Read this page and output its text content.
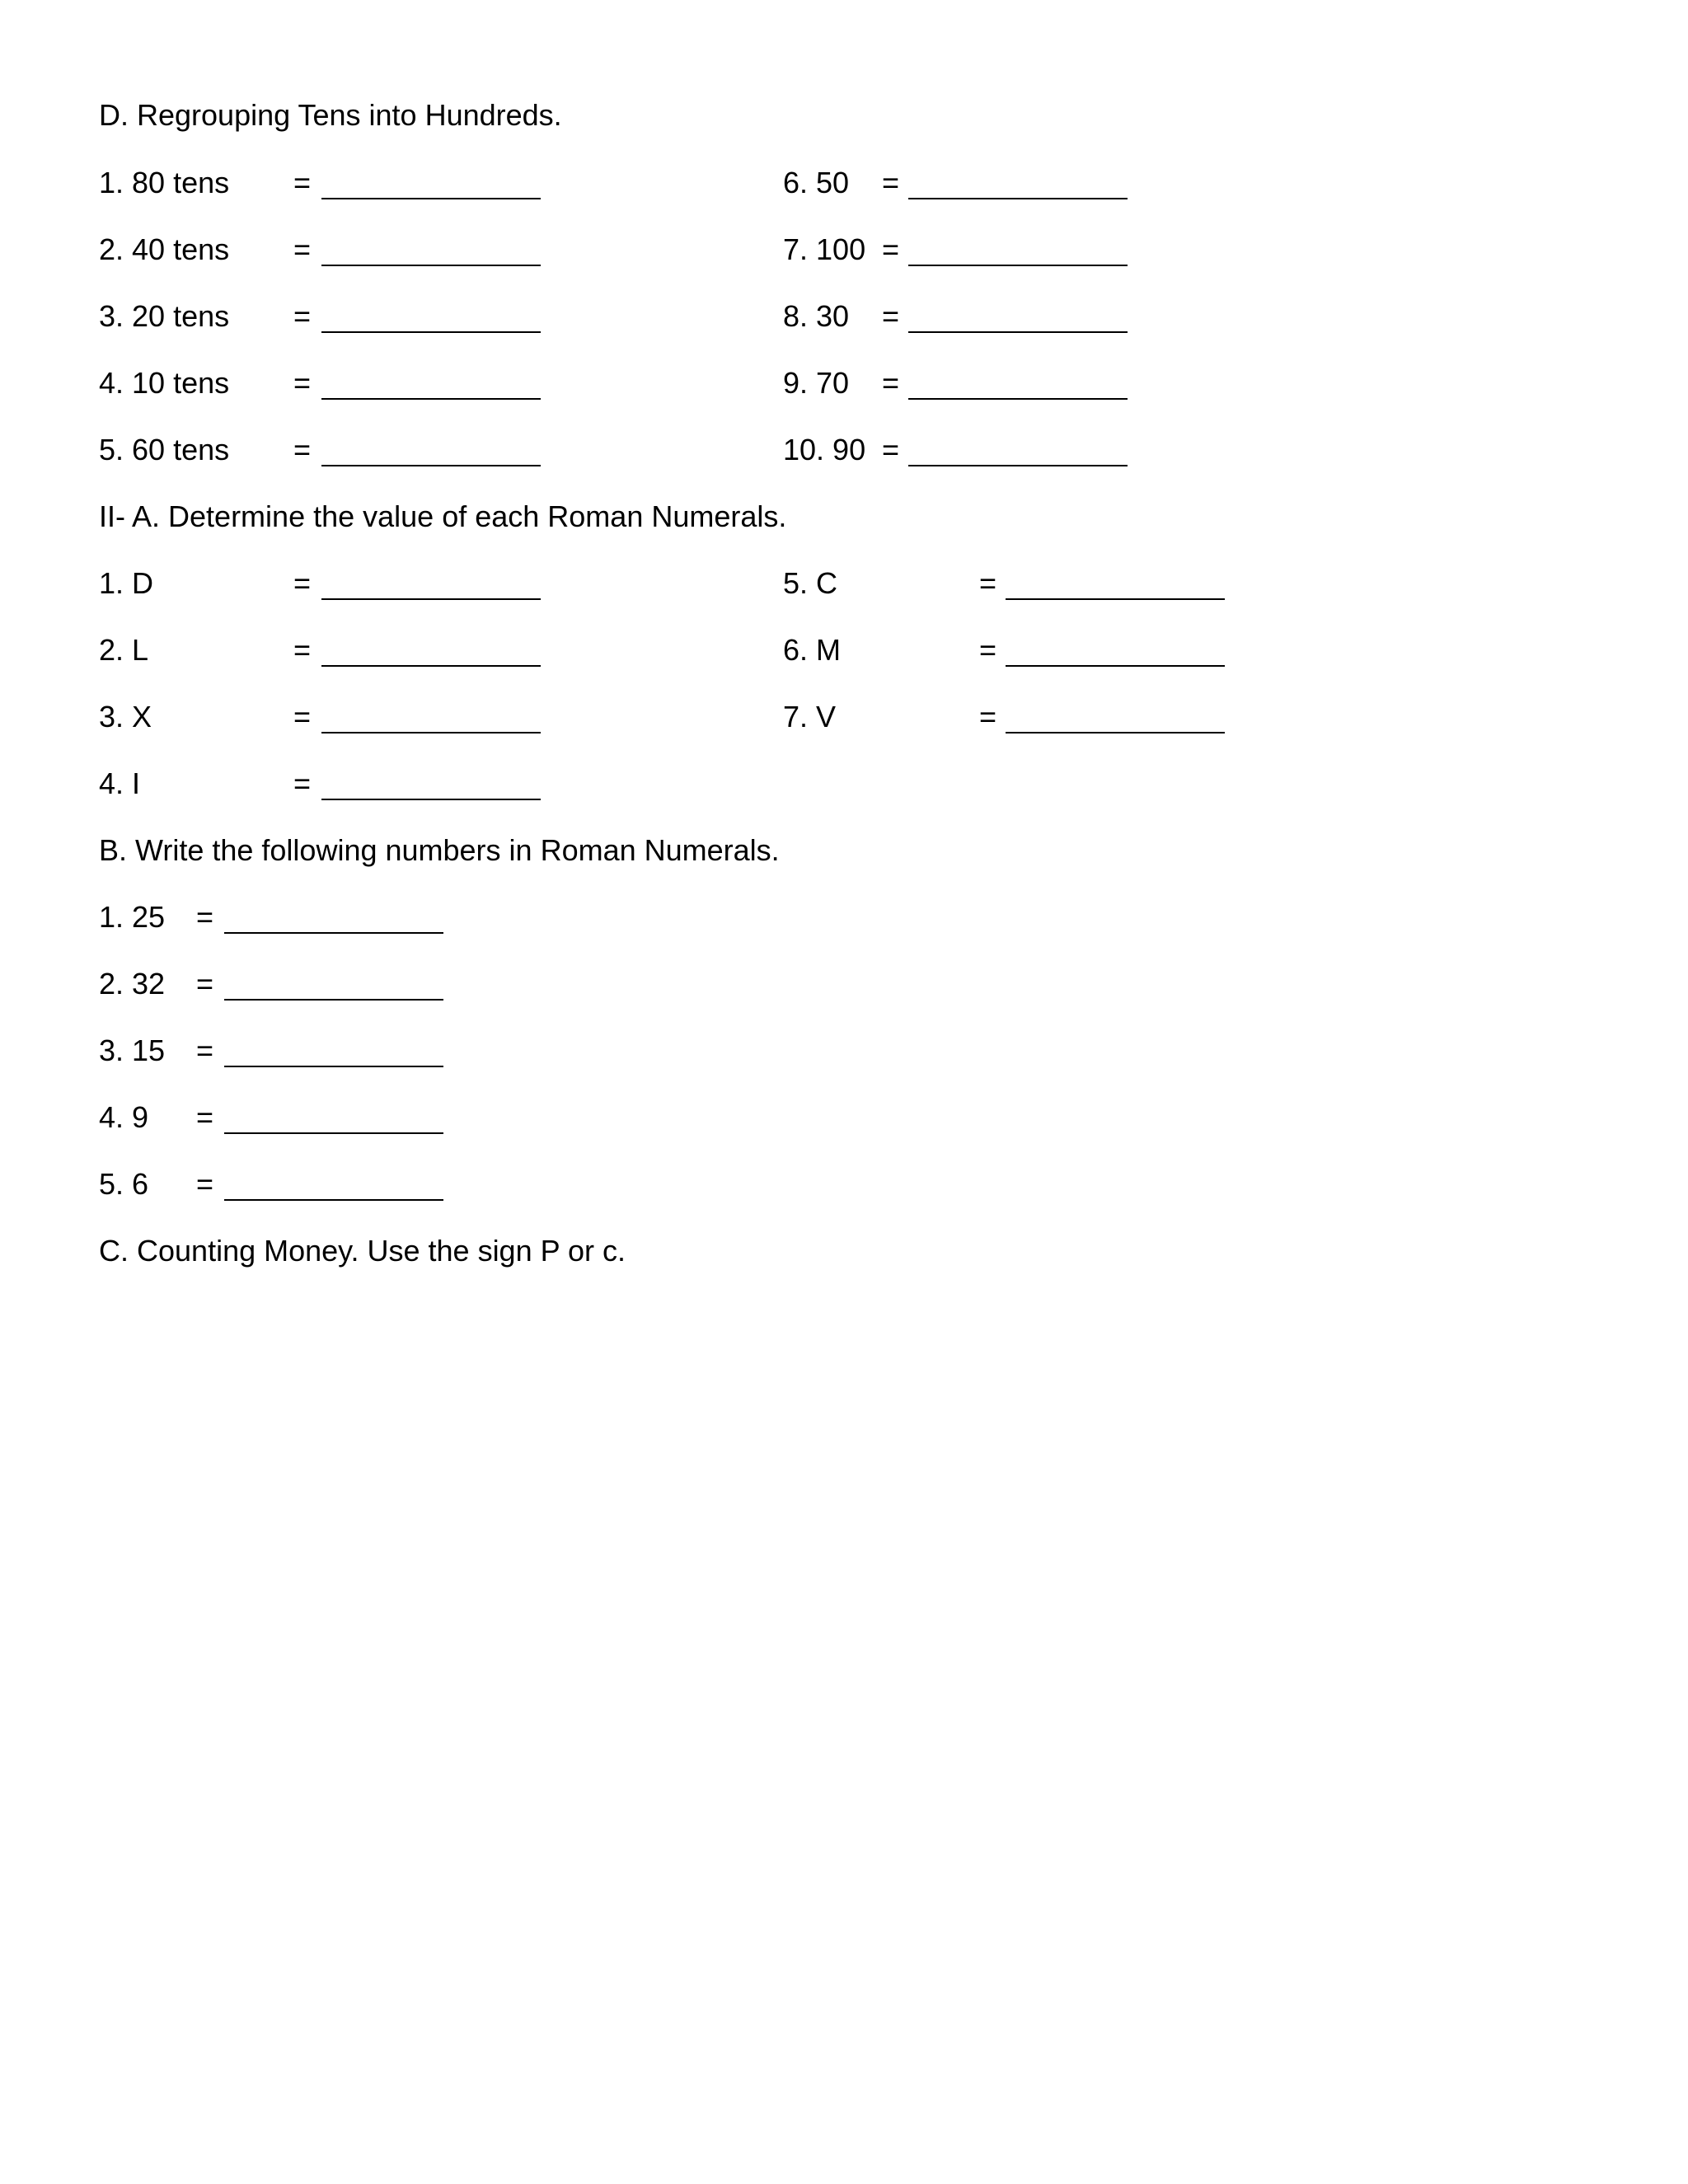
D. Regrouping Tens into Hundreds.
1. 80 tens =	6. 50 =
2. 40 tens =	7. 100 =
3. 20 tens =	8. 30 =
4. 10 tens =	9. 70 =
5. 60 tens =	10. 90 =
II- A. Determine the value of each Roman Numerals.
1. D	=	5. C	=
2. L	=	6. M	=
3. X	=	7. V	=
4. I	=
B. Write the following numbers in Roman Numerals.
1. 25 =
2. 32 =
3. 15 =
4. 9 =
5. 6 =
C. Counting Money. Use the sign P or c.
